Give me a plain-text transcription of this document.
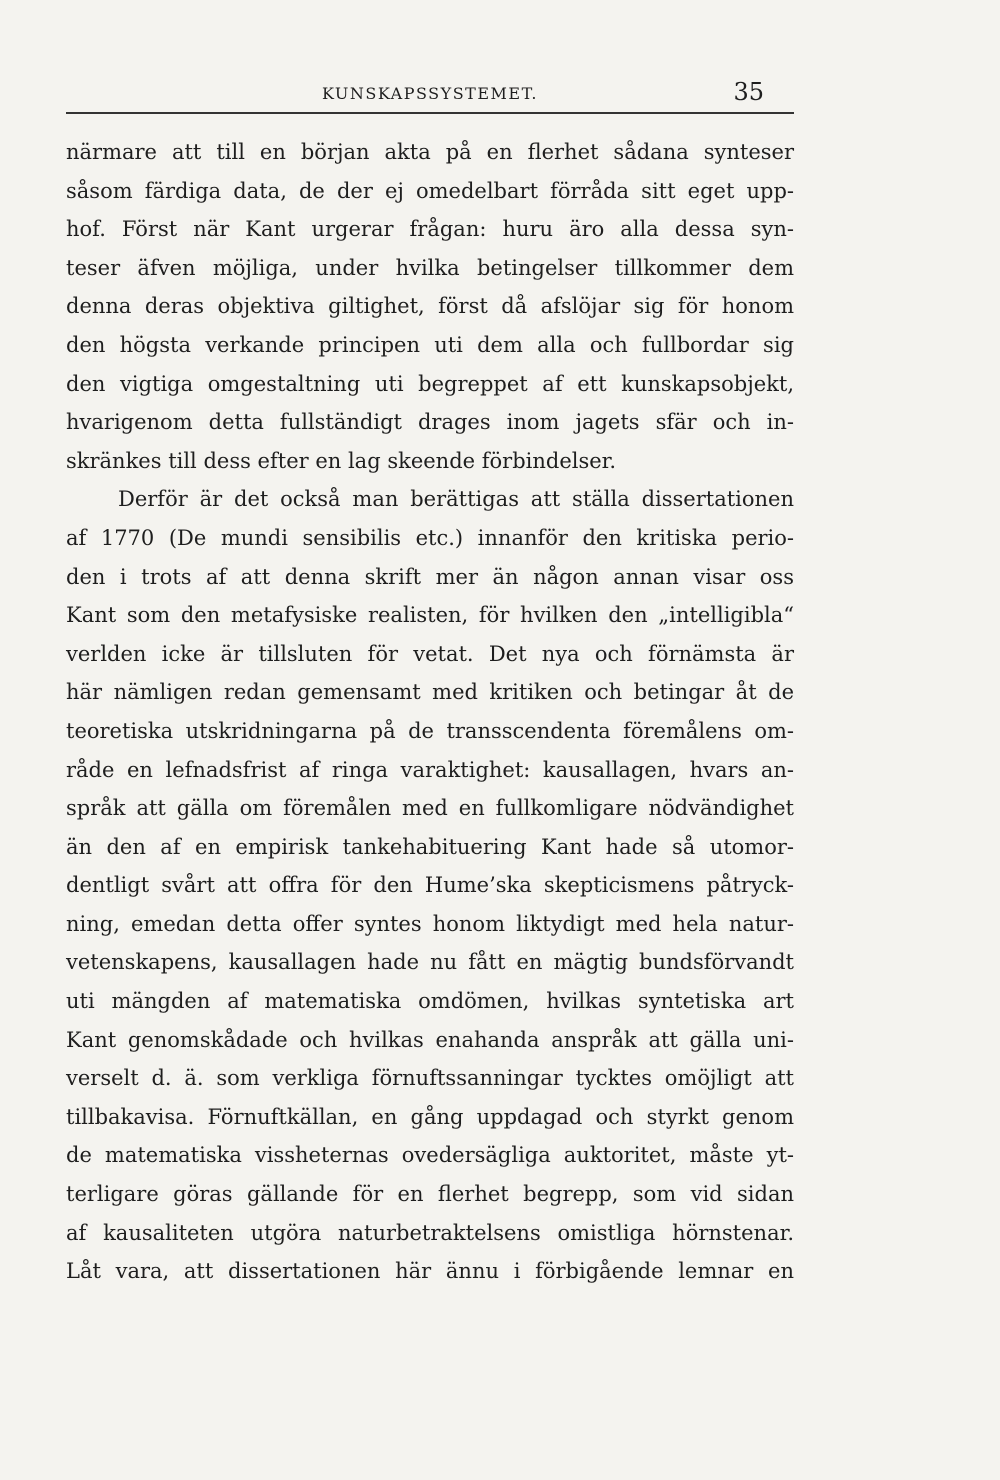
KUNSKAPSSYSTEMET.	35
närmare att till en början akta på en flerhet sådana synteser
såsom färdiga data, de der ej omedelbart förråda sitt eget upp-
hof. Först när Kant urgerar frågan: huru äro alla dessa syn-
teser äfven möjliga, under hvilka betingelser tillkommer dem
denna deras objektiva giltighet, först då afslöjar sig för honom
den högsta verkande principen uti dem alla och fullbordar sig
den vigtiga omgestaltning uti begreppet af ett kunskapsobjekt,
hvarigenom detta fullständigt drages inom jagets sfär och in-
skränkes till dess efter en lag skeende förbindelser.
Derför är det också man berättigas att ställa dissertationen
af 1770 (De mundi sensibilis etc.) innanför den kritiska perio-
den i trots af att denna skrift mer än någon annan visar oss
Kant som den metafysiske realisten, för hvilken den „intelligibla“
verlden icke är tillsluten för vetat. Det nya och förnämsta är
här nämligen redan gemensamt med kritiken och betingar åt de
teoretiska utskridningarna på de transscendenta föremålens om-
råde en lefnadsfrist af ringa varaktighet: kausallagen, hvars an-
språk att gälla om föremålen med en fullkomligare nödvändighet
än den af en empirisk tankehabituering Kant hade så utomor-
dentligt svårt att offra för den Hume’ska skepticismens påtryck-
ning, emedan detta offer syntes honom liktydigt med hela natur-
vetenskapens, kausallagen hade nu fått en mägtig bundsförvandt
uti mängden af matematiska omdömen, hvilkas syntetiska art
Kant genomskådade och hvilkas enahanda anspråk att gälla uni-
verselt d. ä. som verkliga förnuftssanningar tycktes omöjligt att
tillbakavisa. Förnuftkällan, en gång uppdagad och styrkt genom
de matematiska vissheternas ovedersägliga auktoritet, måste yt-
terligare göras gällande för en flerhet begrepp, som vid sidan
af kausaliteten utgöra naturbetraktelsens omistliga hörnstenar.
Låt vara, att dissertationen här ännu i förbigående lemnar en
